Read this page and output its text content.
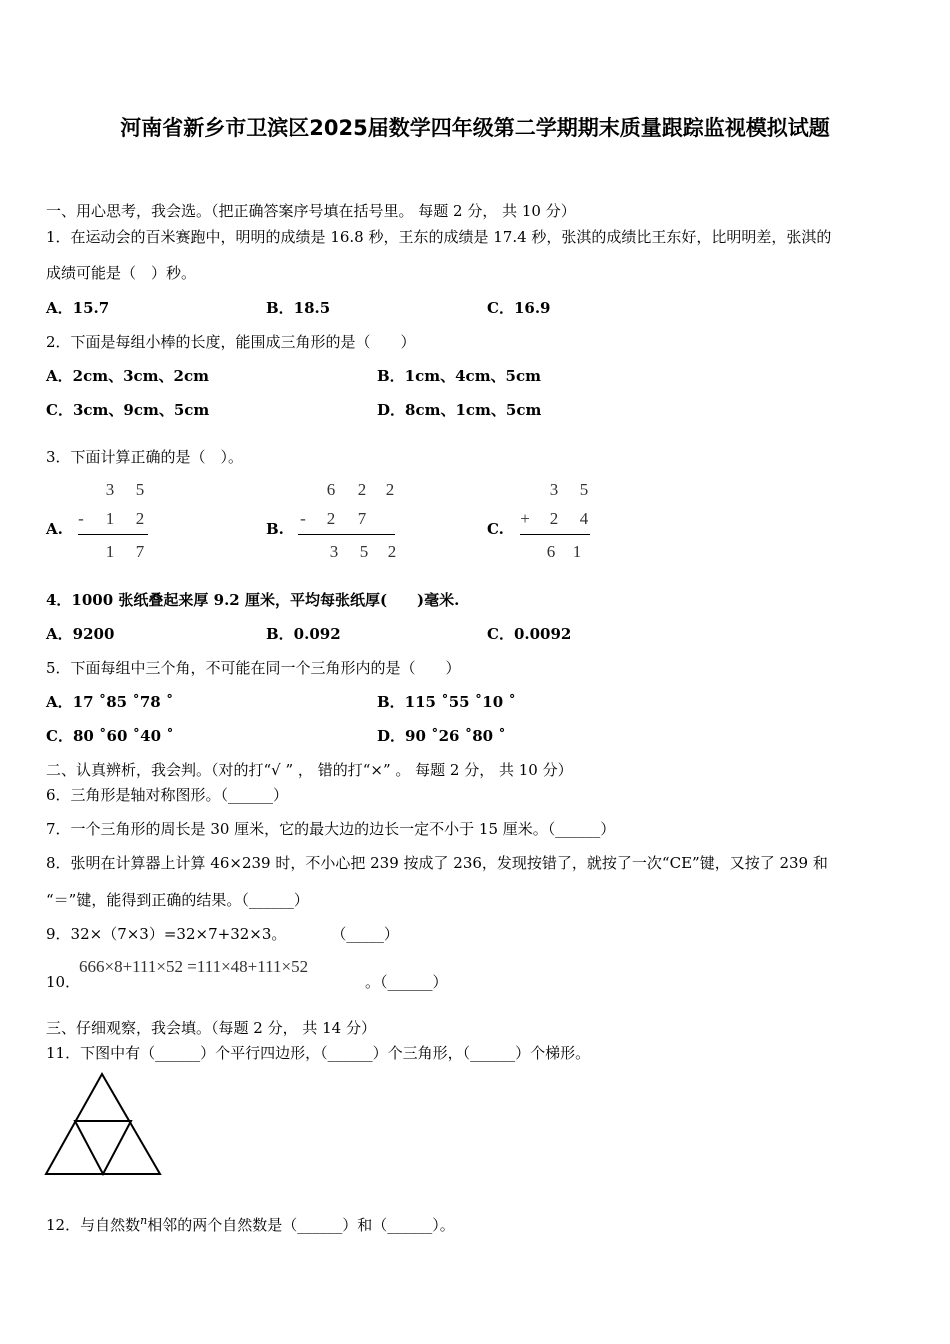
河南省新乡市卫滨区2025届数学四年级第二学期期末质量跟踪监视模拟试题
一、用心思考，我会选。（把正确答案序号填在括号里。 每题 2 分， 共 10 分）
1．在运动会的百米赛跑中，明明的成绩是 16.8 秒，王东的成绩是 17.4 秒，张淇的成绩比王东好，比明明差，张淇的
成绩可能是（　）秒。
A．15.7	B．18.5	C．16.9
2．下面是每组小棒的长度，能围成三角形的是（　　）
A．2cm、3cm、2cm	B．1cm、4cm、5cm
C．3cm、9cm、5cm	D．8cm、1cm、5cm
3．下面计算正确的是（　）。
A.
3 5
- 1 2
1 7
B.
6 2 2
- 2 7
3 5 2
C.
3 5
+ 2 4
6 1
4．1000 张纸叠起来厚 9.2 厘米，平均每张纸厚(　　)毫米.
A．9200	B．0.092	C．0.0092
5．下面每组中三个角，不可能在同一个三角形内的是（　　）
A．17 ˚85 ˚78 ˚	B．115 ˚55 ˚10 ˚
C．80 ˚60 ˚40 ˚	D．90 ˚26 ˚80 ˚
二、认真辨析，我会判。（对的打“√ ” ， 错的打“×” 。 每题 2 分， 共 10 分）
6．三角形是轴对称图形。（______）
7．一个三角形的周长是 30 厘米，它的最大边的边长一定不小于 15 厘米。（______）
8．张明在计算器上计算 46×239 时，不小心把 239 按成了 236，发现按错了，就按了一次“CE”键，又按了 239 和
“＝”键，能得到正确的结果。（______）
9．32×（7×3）=32×7+32×3。　　　　（_____）
10．
666×8+111×52 =111×48+111×52
。（______）
三、仔细观察，我会填。（每题 2 分， 共 14 分）
11．下图中有（______）个平行四边形，（______）个三角形，（______）个梯形。
12．与自然数$^n$相邻的两个自然数是（______）和（______）。
